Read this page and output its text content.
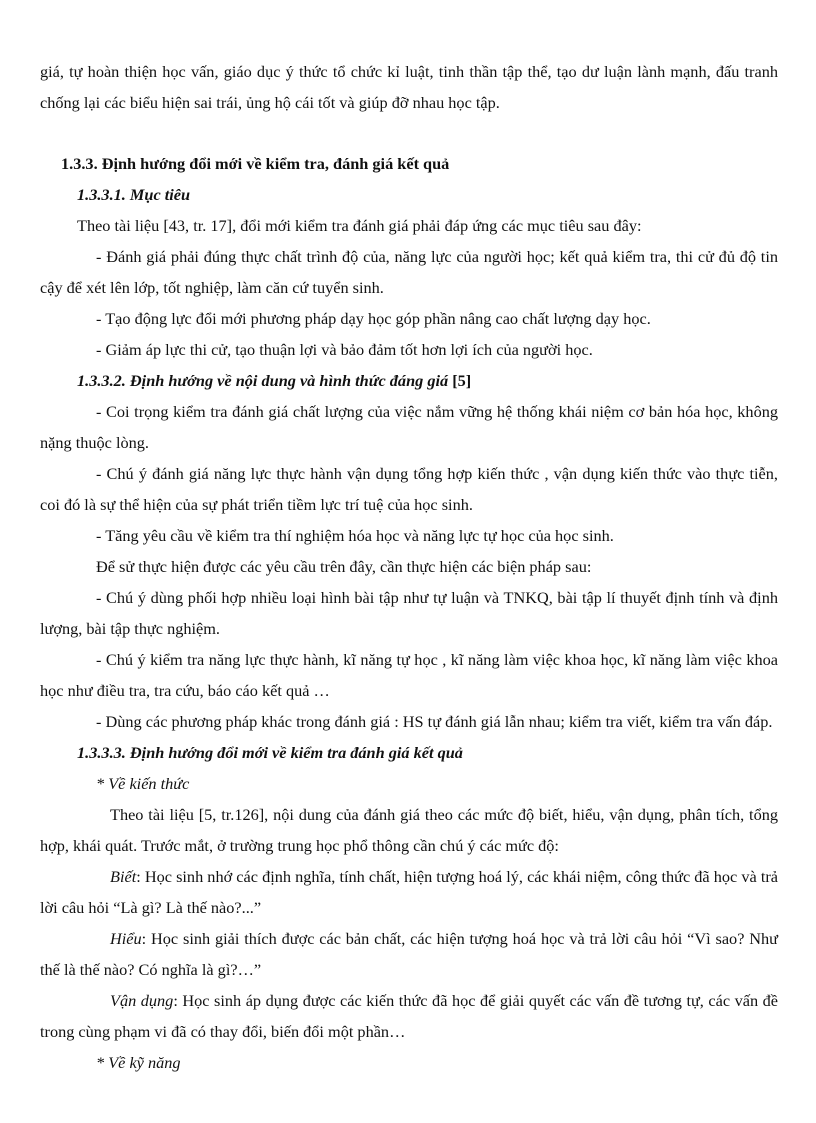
giá, tự hoàn thiện học vấn, giáo dục ý thức tổ chức kỉ luật, tinh thần tập thể, tạo dư luận lành mạnh, đấu tranh chống lại các biểu hiện sai trái, ủng hộ cái tốt và giúp đỡ nhau học tập.

1.3.3. Định hướng đổi mới về kiểm tra, đánh giá kết quả

1.3.3.1. Mục tiêu

Theo tài liệu [43, tr. 17], đổi mới kiểm tra đánh giá phải đáp ứng các mục tiêu sau đây:

- Đánh giá phải đúng thực chất trình độ của, năng lực của người học; kết quả kiểm tra, thi cử đủ độ tin cậy để xét lên lớp, tốt nghiệp, làm căn cứ tuyển sinh.

- Tạo động lực đổi mới phương pháp dạy học góp phần nâng cao chất lượng dạy học.

- Giảm áp lực thi cử, tạo thuận lợi và bảo đảm tốt hơn lợi ích của người học.

1.3.3.2. Định hướng về nội dung và hình thức đáng giá [5]

- Coi trọng kiểm tra đánh giá chất lượng của việc nắm vững hệ thống khái niệm cơ bản hóa học, không nặng thuộc lòng.

- Chú ý đánh giá năng lực thực hành vận dụng tổng hợp kiến thức , vận dụng kiến thức vào thực tiễn, coi đó là sự thể hiện của sự phát triển tiềm lực trí tuệ của học sinh.

- Tăng yêu cầu về kiểm tra thí nghiệm hóa học và năng lực tự học của học sinh.

Để sử thực hiện được các yêu cầu trên đây, cần thực hiện các biện pháp sau:

- Chú ý dùng phối hợp nhiều loại hình bài tập như tự luận và TNKQ, bài tập lí thuyết định tính và định lượng, bài tập thực nghiệm.

- Chú ý kiểm tra năng lực thực hành, kĩ năng tự học , kĩ năng làm việc khoa học, kĩ năng làm việc khoa học như điều tra, tra cứu, báo cáo kết quả …

- Dùng các phương pháp khác trong đánh giá : HS tự đánh giá lẫn nhau; kiểm tra viết, kiểm tra vấn đáp.

1.3.3.3. Định hướng đổi mới về kiểm tra đánh giá kết quả

* Về kiến thức

Theo tài liệu [5, tr.126], nội dung của đánh giá theo các mức độ biết, hiểu, vận dụng, phân tích, tổng hợp, khái quát. Trước mắt, ở trường trung học phổ thông cần chú ý các mức độ:

Biết: Học sinh nhớ các định nghĩa, tính chất, hiện tượng hoá lý, các khái niệm, công thức đã học và trả lời câu hỏi “Là gì? Là thế nào?...”

Hiểu: Học sinh giải thích được các bản chất, các hiện tượng hoá học và trả lời câu hỏi “Vì sao? Như thế là thế nào? Có nghĩa là gì?…”

Vận dụng: Học sinh áp dụng được các kiến thức đã học để giải quyết các vấn đề tương tự, các vấn đề trong cùng phạm vi đã có thay đổi, biến đổi một phần…

* Về kỹ năng
